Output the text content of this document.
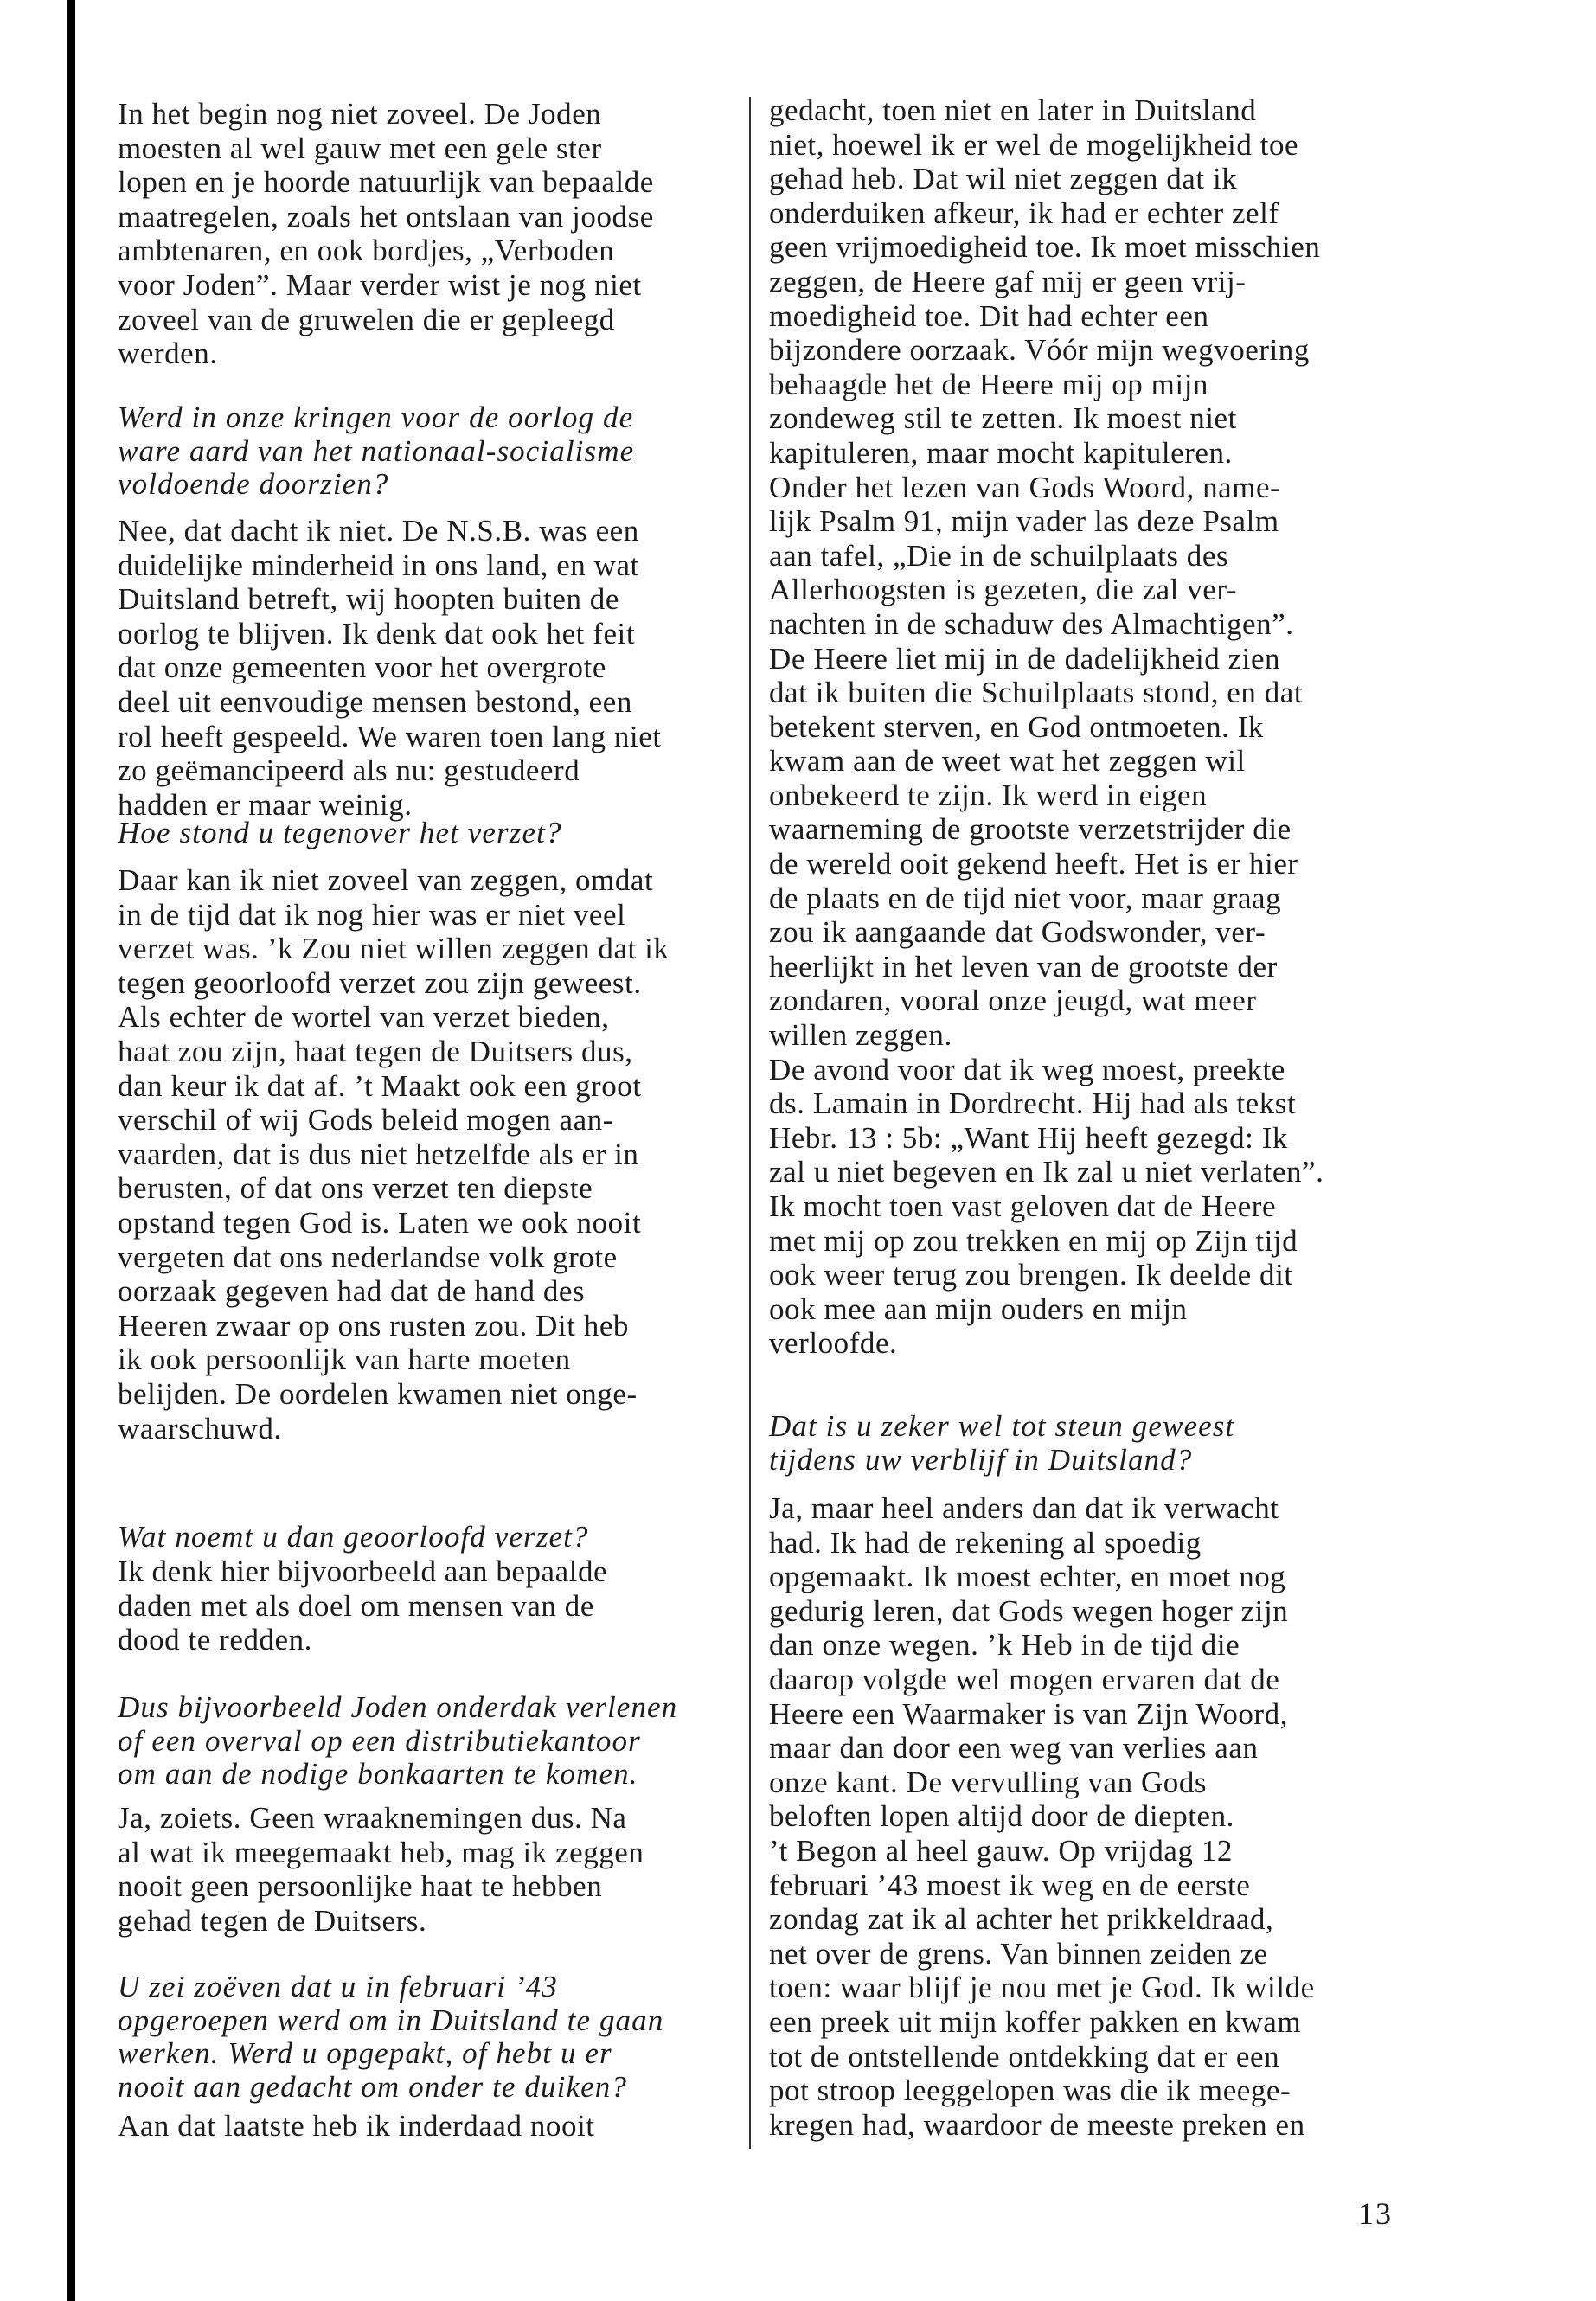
In het begin nog niet zoveel. De Joden
moesten al wel gauw met een gele ster
lopen en je hoorde natuurlijk van bepaalde
maatregelen, zoals het ontslaan van joodse
ambtenaren, en ook bordjes, „Verboden
voor Joden”. Maar verder wist je nog niet
zoveel van de gruwelen die er gepleegd
werden.
Werd in onze kringen voor de oorlog de
ware aard van het nationaal-socialisme
voldoende doorzien?
Nee, dat dacht ik niet. De N.S.B. was een
duidelijke minderheid in ons land, en wat
Duitsland betreft, wij hoopten buiten de
oorlog te blijven. Ik denk dat ook het feit
dat onze gemeenten voor het overgrote
deel uit eenvoudige mensen bestond, een
rol heeft gespeeld. We waren toen lang niet
zo geëmancipeerd als nu: gestudeerd
hadden er maar weinig.
Hoe stond u tegenover het verzet?
Daar kan ik niet zoveel van zeggen, omdat
in de tijd dat ik nog hier was er niet veel
verzet was. ’k Zou niet willen zeggen dat ik
tegen geoorloofd verzet zou zijn geweest.
Als echter de wortel van verzet bieden,
haat zou zijn, haat tegen de Duitsers dus,
dan keur ik dat af. ’t Maakt ook een groot
verschil of wij Gods beleid mogen aan-
vaarden, dat is dus niet hetzelfde als er in
berusten, of dat ons verzet ten diepste
opstand tegen God is. Laten we ook nooit
vergeten dat ons nederlandse volk grote
oorzaak gegeven had dat de hand des
Heeren zwaar op ons rusten zou. Dit heb
ik ook persoonlijk van harte moeten
belijden. De oordelen kwamen niet onge-
waarschuwd.
Wat noemt u dan geoorloofd verzet?
Ik denk hier bijvoorbeeld aan bepaalde
daden met als doel om mensen van de
dood te redden.
Dus bijvoorbeeld Joden onderdak verlenen
of een overval op een distributiekantoor
om aan de nodige bonkaarten te komen.
Ja, zoiets. Geen wraaknemingen dus. Na
al wat ik meegemaakt heb, mag ik zeggen
nooit geen persoonlijke haat te hebben
gehad tegen de Duitsers.
U zei zoëven dat u in februari ’43
opgeroepen werd om in Duitsland te gaan
werken. Werd u opgepakt, of hebt u er
nooit aan gedacht om onder te duiken?
Aan dat laatste heb ik inderdaad nooit
gedacht, toen niet en later in Duitsland
niet, hoewel ik er wel de mogelijkheid toe
gehad heb. Dat wil niet zeggen dat ik
onderduiken afkeur, ik had er echter zelf
geen vrijmoedigheid toe. Ik moet misschien
zeggen, de Heere gaf mij er geen vrij-
moedigheid toe. Dit had echter een
bijzondere oorzaak. Vóór mijn wegvoering
behaagde het de Heere mij op mijn
zondeweg stil te zetten. Ik moest niet
kapituleren, maar mocht kapituleren.
Onder het lezen van Gods Woord, name-
lijk Psalm 91, mijn vader las deze Psalm
aan tafel, „Die in de schuilplaats des
Allerhoogsten is gezeten, die zal ver-
nachten in de schaduw des Almachtigen”.
De Heere liet mij in de dadelijkheid zien
dat ik buiten die Schuilplaats stond, en dat
betekent sterven, en God ontmoeten. Ik
kwam aan de weet wat het zeggen wil
onbekeerd te zijn. Ik werd in eigen
waarneming de grootste verzetstrijder die
de wereld ooit gekend heeft. Het is er hier
de plaats en de tijd niet voor, maar graag
zou ik aangaande dat Godswonder, ver-
heerlijkt in het leven van de grootste der
zondaren, vooral onze jeugd, wat meer
willen zeggen.
De avond voor dat ik weg moest, preekte
ds. Lamain in Dordrecht. Hij had als tekst
Hebr. 13 : 5b: „Want Hij heeft gezegd: Ik
zal u niet begeven en Ik zal u niet verlaten”.
Ik mocht toen vast geloven dat de Heere
met mij op zou trekken en mij op Zijn tijd
ook weer terug zou brengen. Ik deelde dit
ook mee aan mijn ouders en mijn
verloofde.
Dat is u zeker wel tot steun geweest
tijdens uw verblijf in Duitsland?
Ja, maar heel anders dan dat ik verwacht
had. Ik had de rekening al spoedig
opgemaakt. Ik moest echter, en moet nog
gedurig leren, dat Gods wegen hoger zijn
dan onze wegen. ’k Heb in de tijd die
daarop volgde wel mogen ervaren dat de
Heere een Waarmaker is van Zijn Woord,
maar dan door een weg van verlies aan
onze kant. De vervulling van Gods
beloften lopen altijd door de diepten.
’t Begon al heel gauw. Op vrijdag 12
februari ’43 moest ik weg en de eerste
zondag zat ik al achter het prikkeldraad,
net over de grens. Van binnen zeiden ze
toen: waar blijf je nou met je God. Ik wilde
een preek uit mijn koffer pakken en kwam
tot de ontstellende ontdekking dat er een
pot stroop leeggelopen was die ik meege-
kregen had, waardoor de meeste preken en
13
